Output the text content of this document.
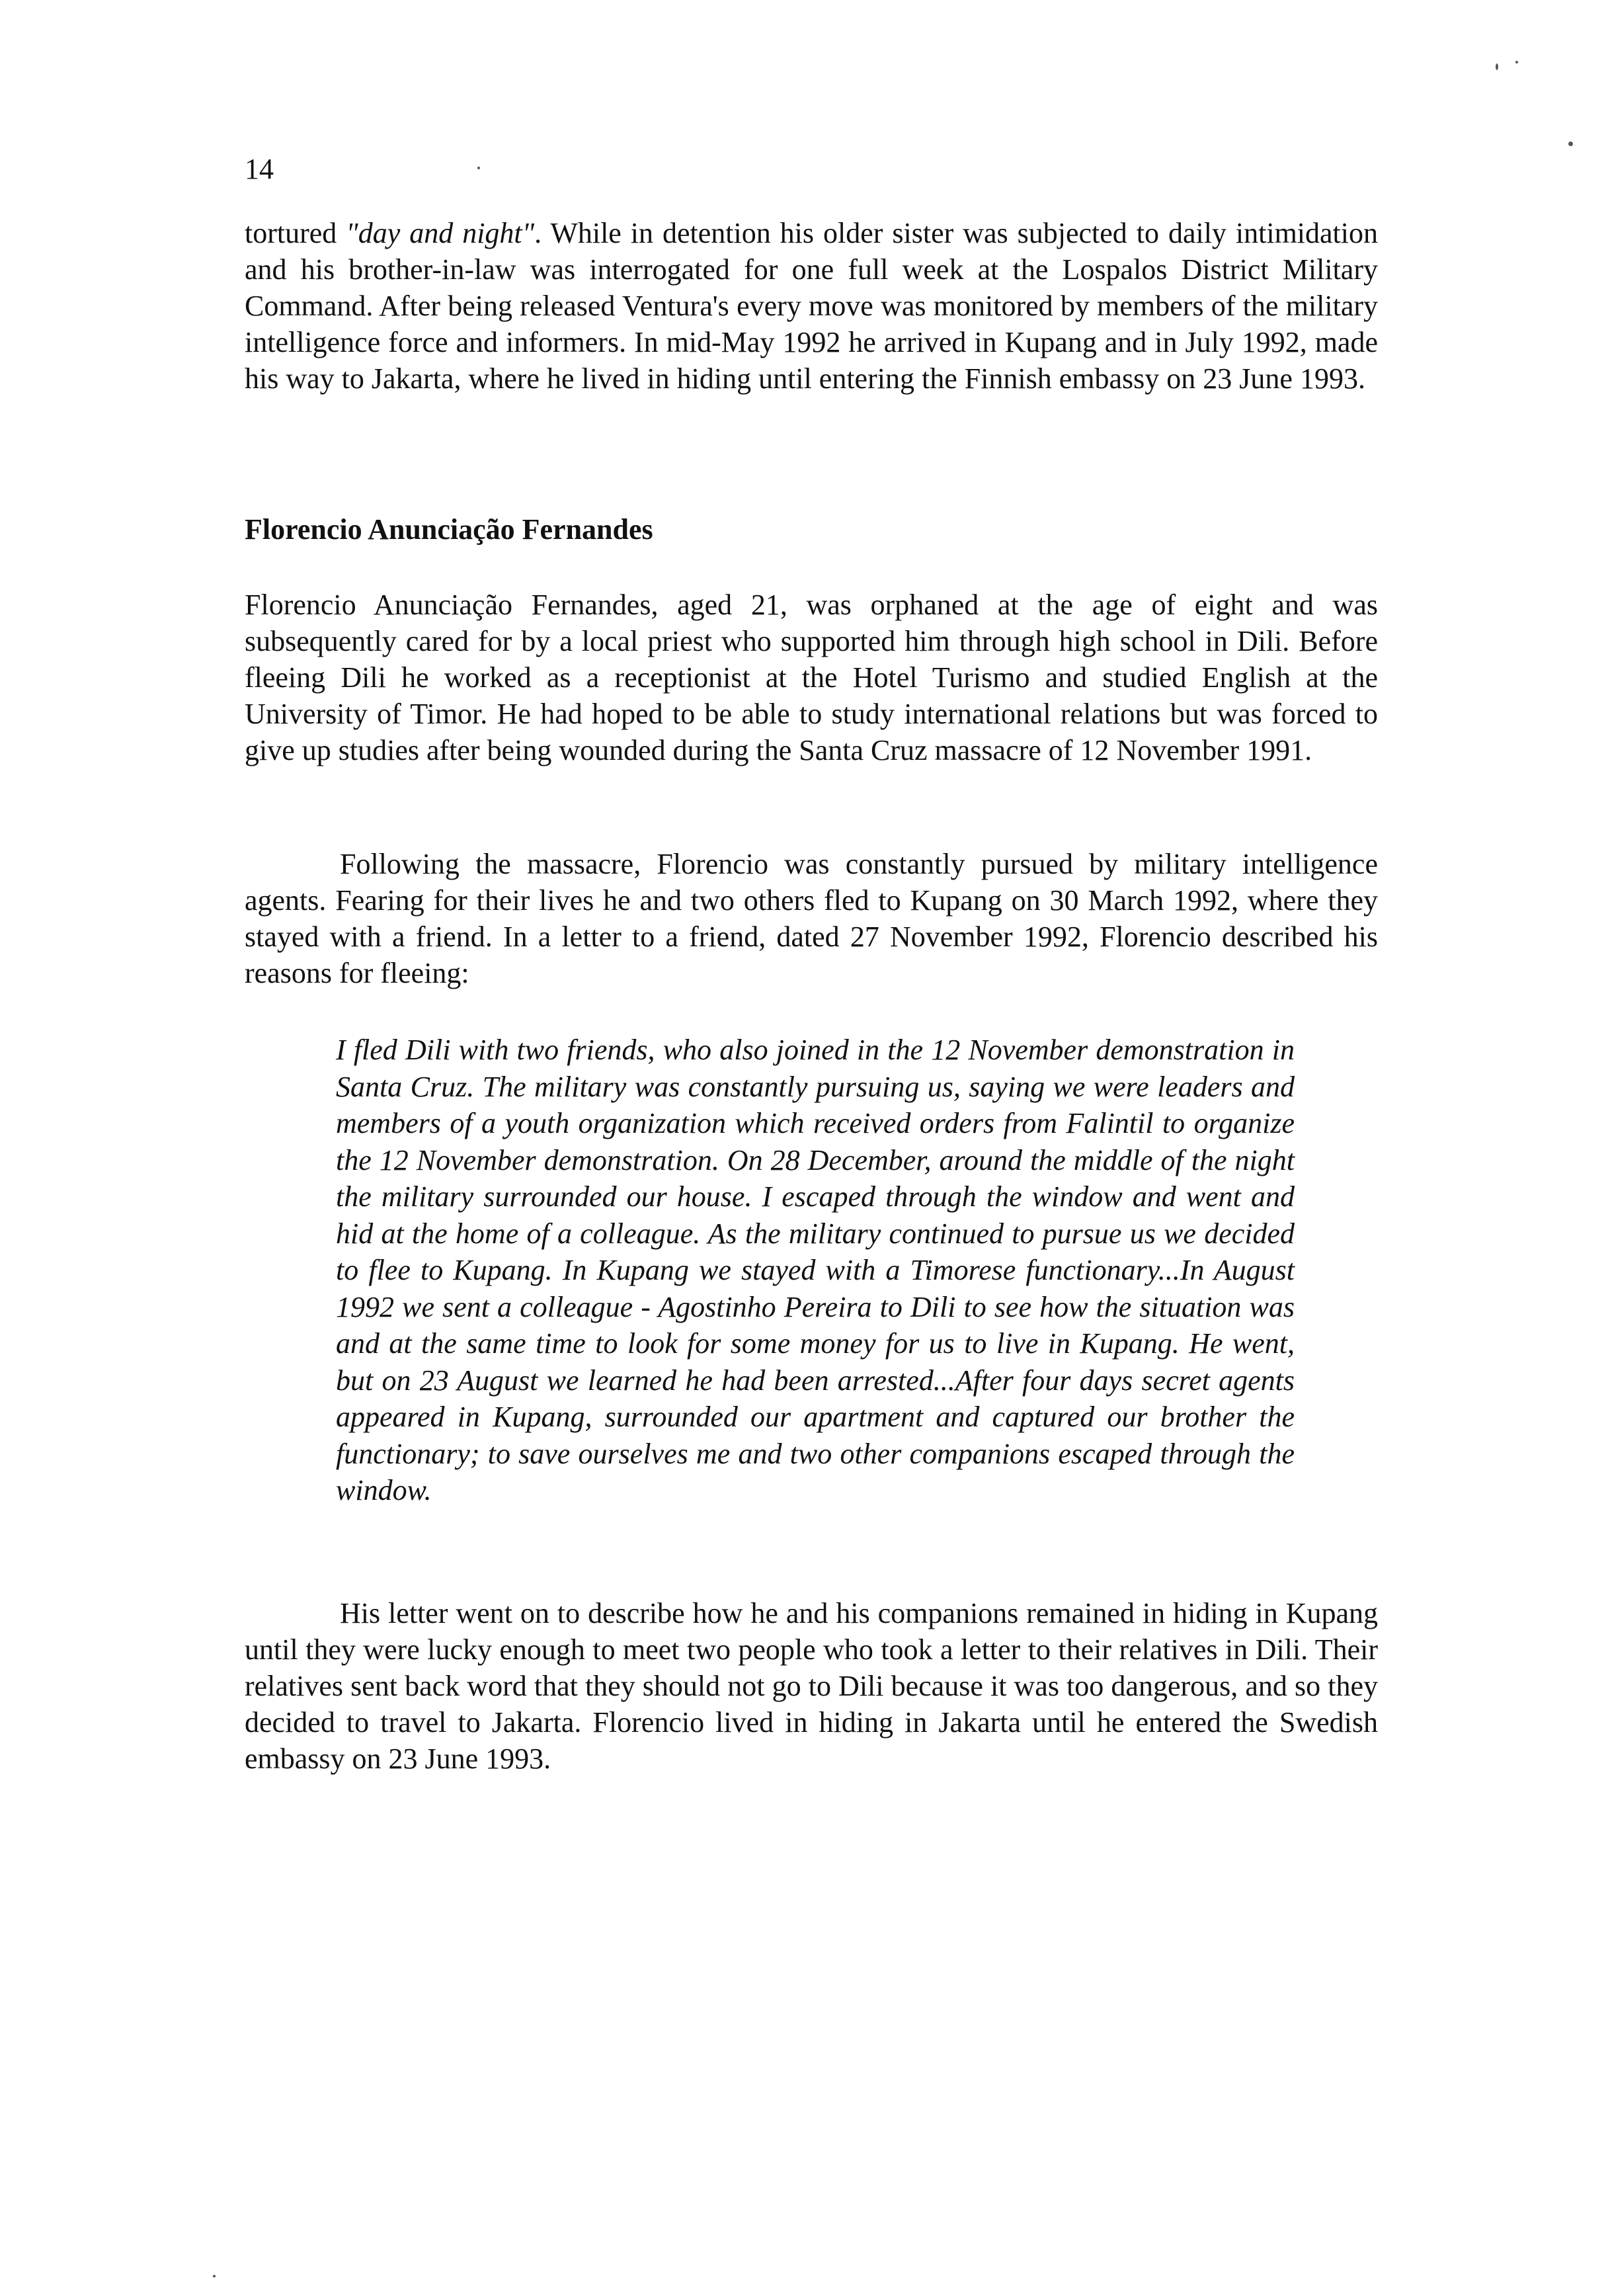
14

tortured "day and night". While in detention his older sister was subjected to daily intimidation and his brother-in-law was interrogated for one full week at the Lospalos District Military Command. After being released Ventura's every move was monitored by members of the military intelligence force and informers. In mid-May 1992 he arrived in Kupang and in July 1992, made his way to Jakarta, where he lived in hiding until entering the Finnish embassy on 23 June 1993.

Florencio Anunciação Fernandes

Florencio Anunciação Fernandes, aged 21, was orphaned at the age of eight and was subsequently cared for by a local priest who supported him through high school in Dili. Before fleeing Dili he worked as a receptionist at the Hotel Turismo and studied English at the University of Timor. He had hoped to be able to study international relations but was forced to give up studies after being wounded during the Santa Cruz massacre of 12 November 1991.

Following the massacre, Florencio was constantly pursued by military intelligence agents. Fearing for their lives he and two others fled to Kupang on 30 March 1992, where they stayed with a friend. In a letter to a friend, dated 27 November 1992, Florencio described his reasons for fleeing:

I fled Dili with two friends, who also joined in the 12 November demonstration in Santa Cruz. The military was constantly pursuing us, saying we were leaders and members of a youth organization which received orders from Falintil to organize the 12 November demonstration. On 28 December, around the middle of the night the military surrounded our house. I escaped through the window and went and hid at the home of a colleague. As the military continued to pursue us we decided to flee to Kupang. In Kupang we stayed with a Timorese functionary...In August 1992 we sent a colleague - Agostinho Pereira to Dili to see how the situation was and at the same time to look for some money for us to live in Kupang. He went, but on 23 August we learned he had been arrested...After four days secret agents appeared in Kupang, surrounded our apartment and captured our brother the functionary; to save ourselves me and two other companions escaped through the window.

His letter went on to describe how he and his companions remained in hiding in Kupang until they were lucky enough to meet two people who took a letter to their relatives in Dili. Their relatives sent back word that they should not go to Dili because it was too dangerous, and so they decided to travel to Jakarta. Florencio lived in hiding in Jakarta until he entered the Swedish embassy on 23 June 1993.
